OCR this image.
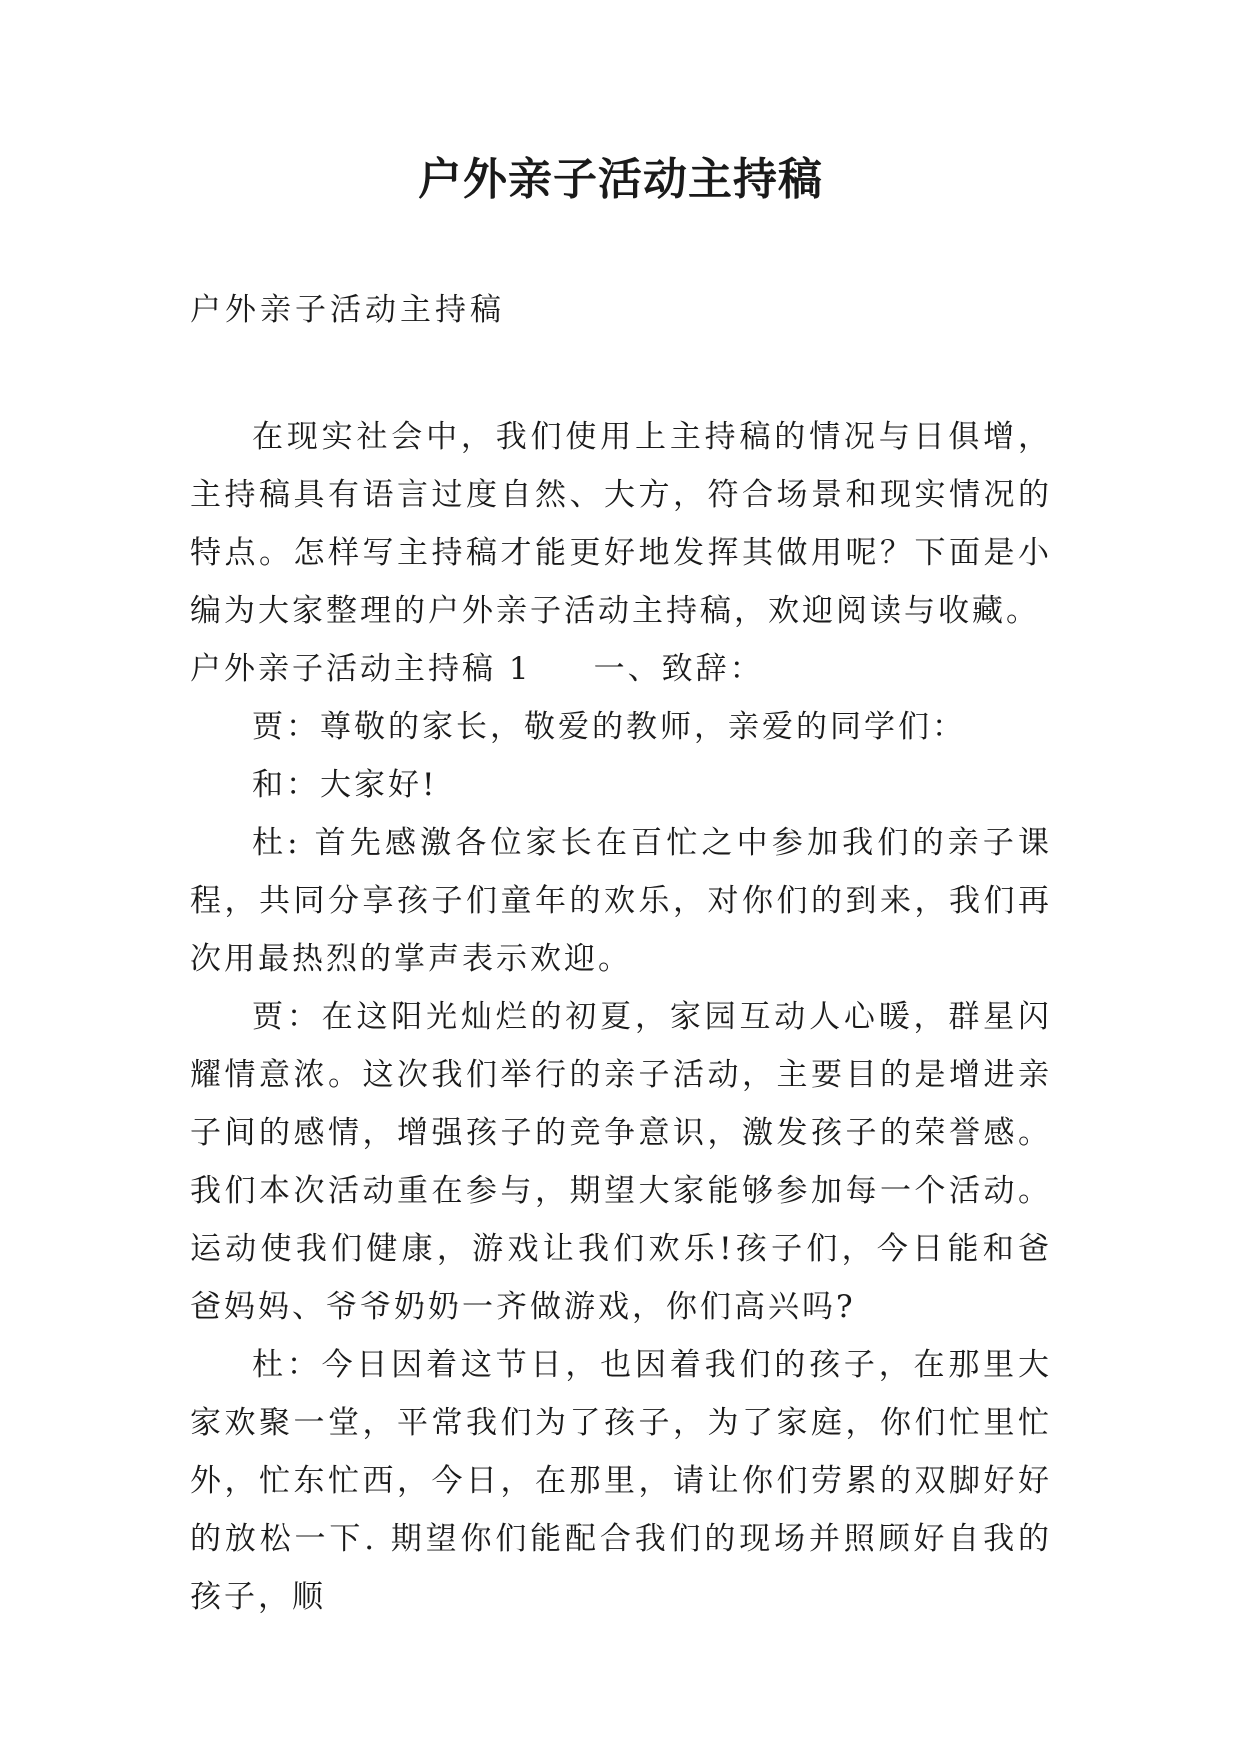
户外亲子活动主持稿

户外亲子活动主持稿

在现实社会中，我们使用上主持稿的情况与日俱增，主持稿具有语言过度自然、大方，符合场景和现实情况的特点。怎样写主持稿才能更好地发挥其做用呢？下面是小编为大家整理的户外亲子活动主持稿，欢迎阅读与收藏。

户外亲子活动主持稿 1 一、致辞：

贾：尊敬的家长，敬爱的教师，亲爱的同学们：

和：大家好!

杜: 首先感激各位家长在百忙之中参加我们的亲子课程，共同分享孩子们童年的欢乐，对你们的到来，我们再次用最热烈的掌声表示欢迎。

贾：在这阳光灿烂的初夏，家园互动人心暖，群星闪耀情意浓。这次我们举行的亲子活动，主要目的是增进亲子间的感情，增强孩子的竞争意识，激发孩子的荣誉感。我们本次活动重在参与，期望大家能够参加每一个活动。运动使我们健康，游戏让我们欢乐!孩子们，今日能和爸爸妈妈、爷爷奶奶一齐做游戏，你们高兴吗?

杜：今日因着这节日，也因着我们的孩子，在那里大家欢聚一堂，平常我们为了孩子，为了家庭，你们忙里忙外，忙东忙西，今日，在那里，请让你们劳累的双脚好好的放松一下. 期望你们能配合我们的现场并照顾好自我的孩子，顺
